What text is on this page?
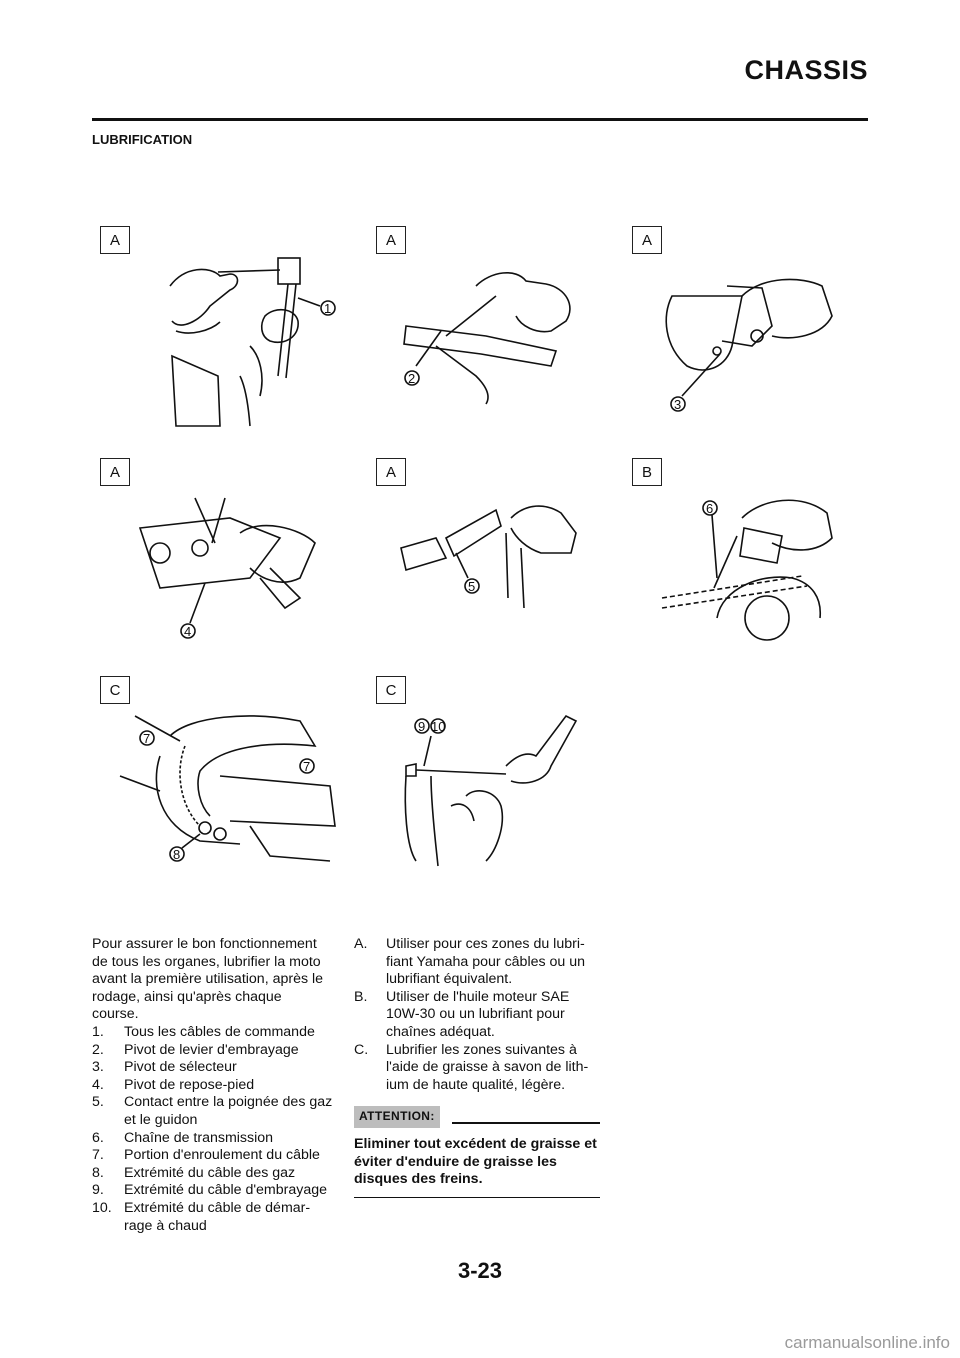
CHASSIS
LUBRIFICATION
A
1
A
2
A
3
A
4
A
5
B
6
C
7
7
8
C
9 10

Pour assurer le bon fonctionnement de tous les organes, lubrifier la moto avant la première utilisation, après le rodage, ainsi qu'après chaque course.

1.	Tous les câbles de commande
2.	Pivot de levier d'embrayage
3.	Pivot de sélecteur
4.	Pivot de repose-pied
5.	Contact entre la poignée des gaz et le guidon
6.	Chaîne de transmission
7.	Portion d'enroulement du câble
8.	Extrémité du câble des gaz
9.	Extrémité du câble d'embrayage
10. Extrémité du câble de démar-rage à chaud
A.	Utiliser pour ces zones du lubri-fiant Yamaha pour câbles ou un lubrifiant équivalent.
B.	Utiliser de l'huile moteur SAE 10W-30 ou un lubrifiant pour chaînes adéquat.
C.	Lubrifier les zones suivantes à l'aide de graisse à savon de lith-ium de haute qualité, légère.
ATTENTION:
Eliminer tout excédent de graisse et éviter d'enduire de graisse les disques des freins.
3-23
carmanualsonline.info
